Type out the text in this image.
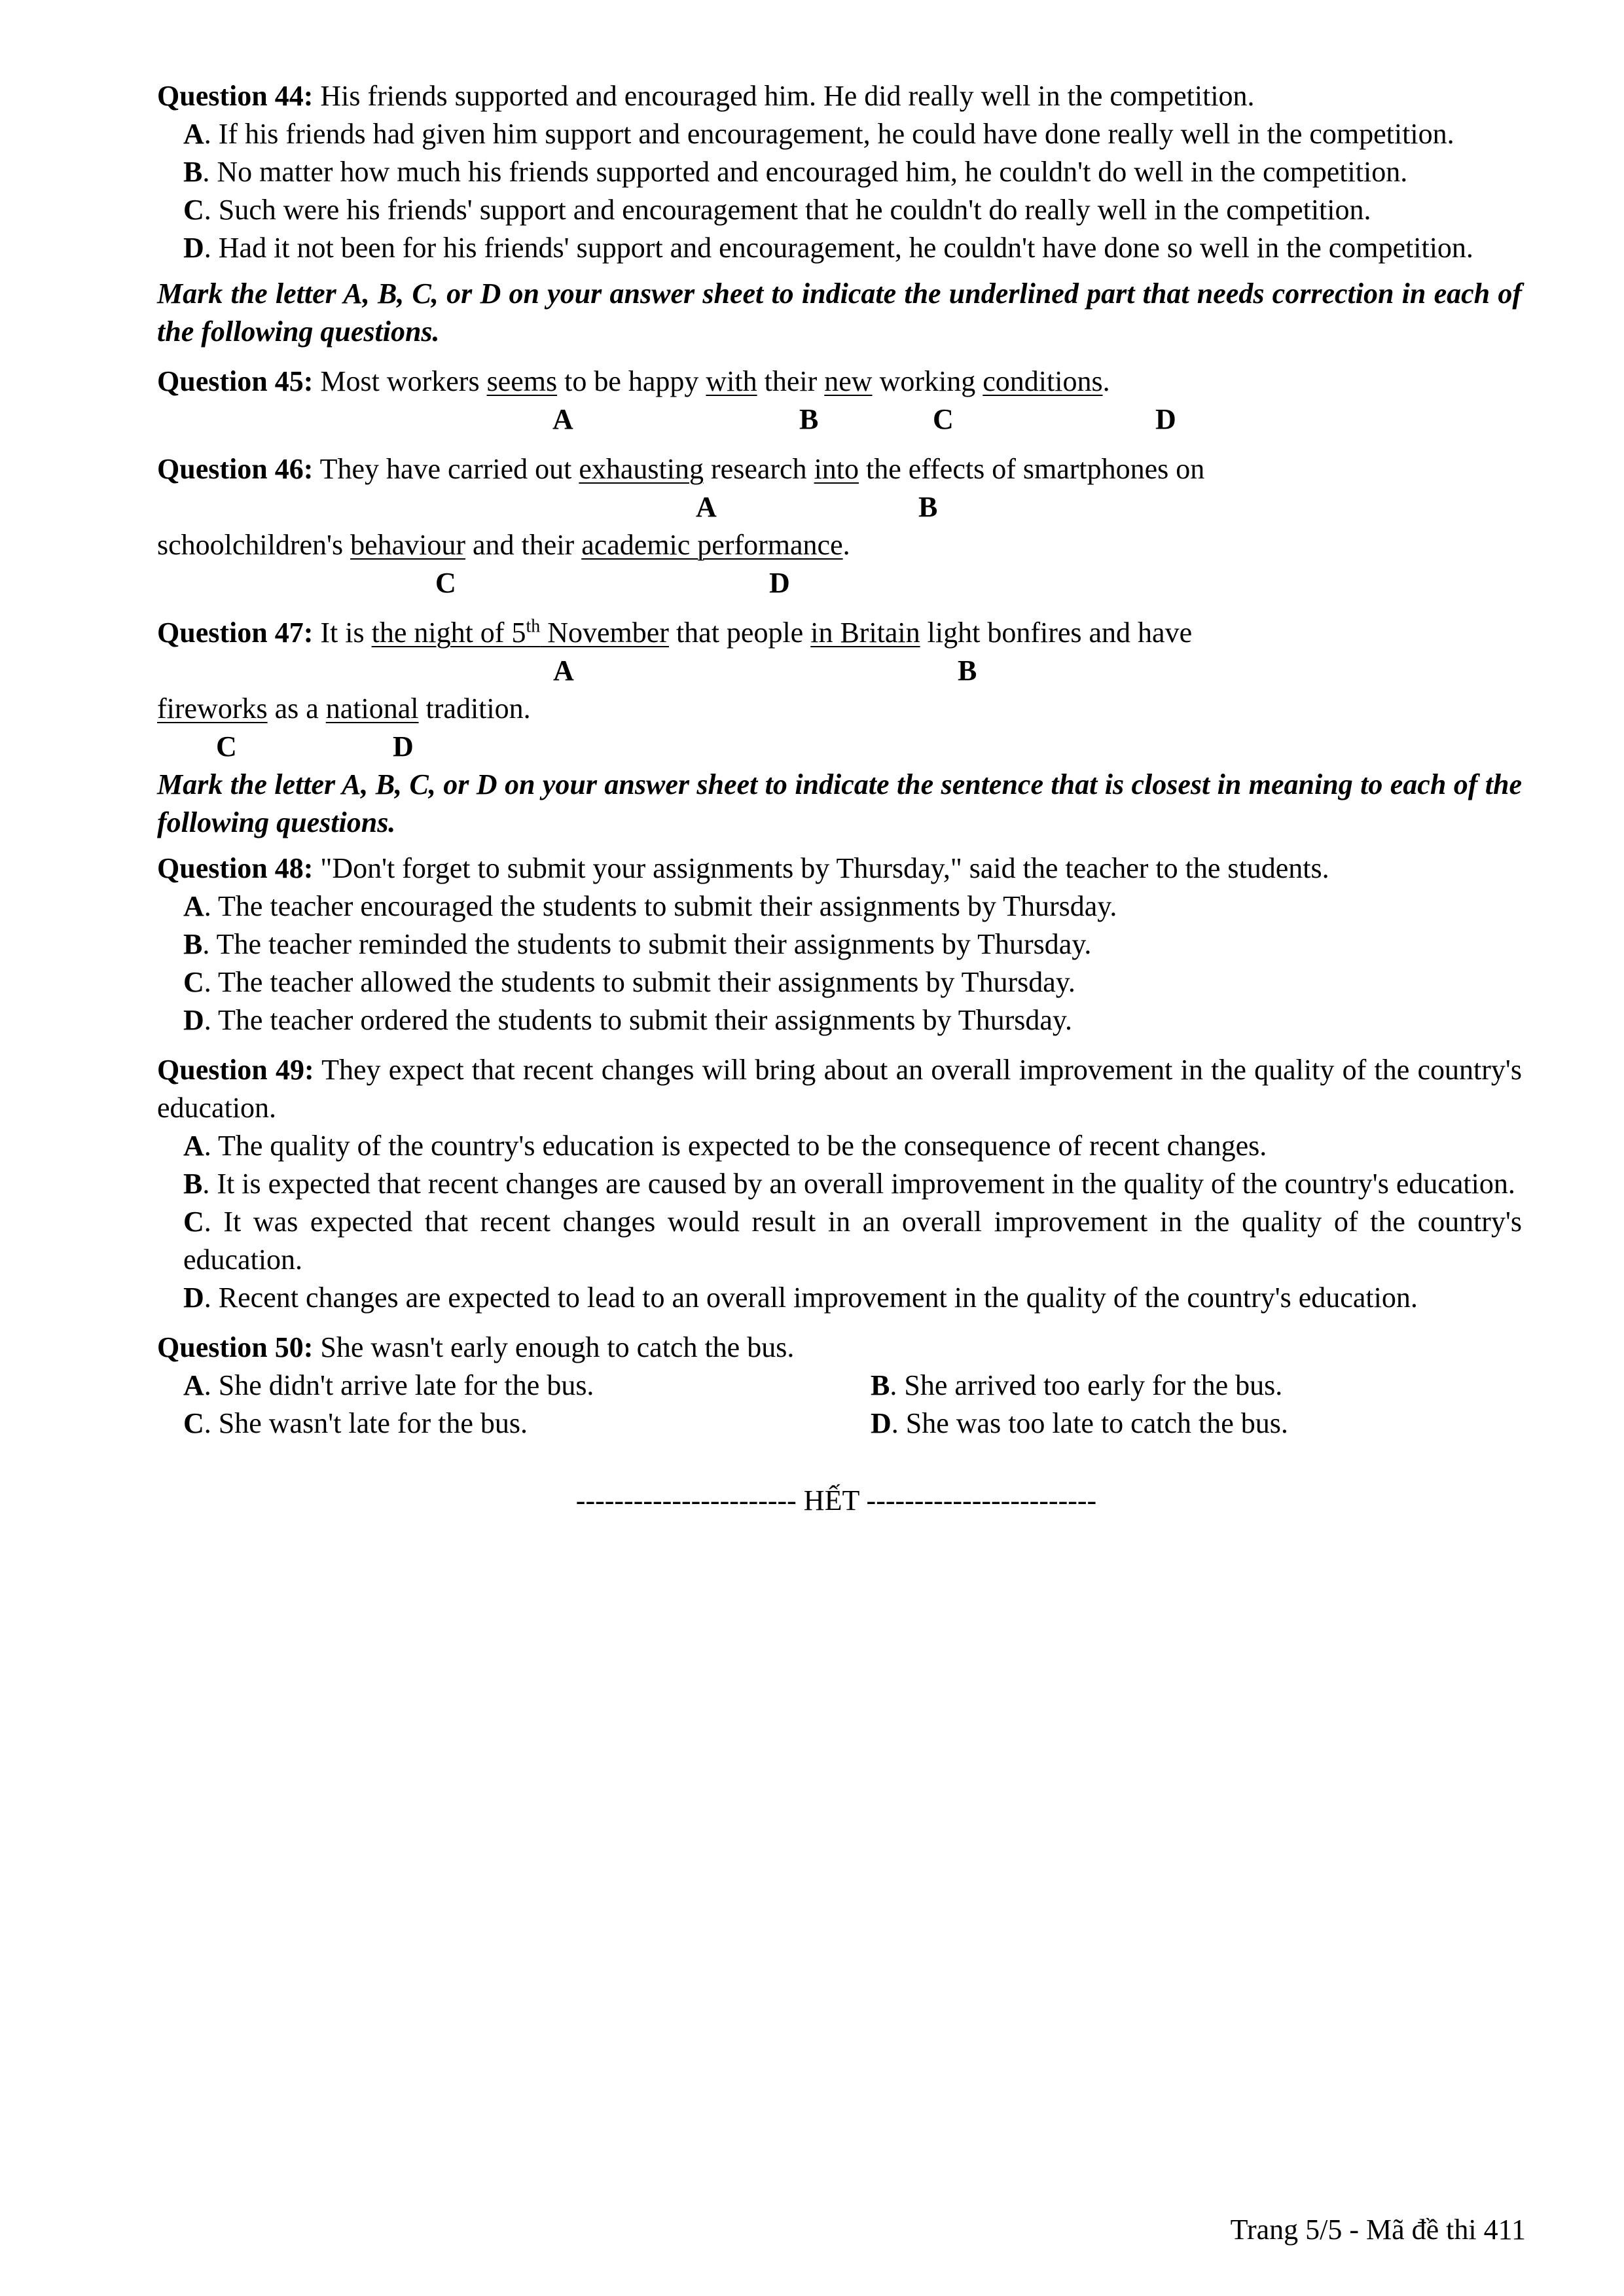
Question 44: His friends supported and encouraged him. He did really well in the competition.

A. If his friends had given him support and encouragement, he could have done really well in the competition.
B. No matter how much his friends supported and encouraged him, he couldn't do well in the competition.
C. Such were his friends' support and encouragement that he couldn't do really well in the competition.
D. Had it not been for his friends' support and encouragement, he couldn't have done so well in the competition.

Mark the letter A, B, C, or D on your answer sheet to indicate the underlined part that needs correction in each of the following questions.

Question 45: Most workers seems to be happy with their new working conditions.

A	B	C	D

Question 46: They have carried out exhausting research into the effects of smartphones on

A	B

schoolchildren's behaviour and their academic performance.

C	D

Question 47: It is the night of 5th November that people in Britain light bonfires and have

A	B

fireworks as a national tradition.

C	D

Mark the letter A, B, C, or D on your answer sheet to indicate the sentence that is closest in meaning to each of the following questions.

Question 48: "Don't forget to submit your assignments by Thursday," said the teacher to the students.

A. The teacher encouraged the students to submit their assignments by Thursday.
B. The teacher reminded the students to submit their assignments by Thursday.
C. The teacher allowed the students to submit their assignments by Thursday.
D. The teacher ordered the students to submit their assignments by Thursday.

Question 49: They expect that recent changes will bring about an overall improvement in the quality of the country's education.

A. The quality of the country's education is expected to be the consequence of recent changes.
B. It is expected that recent changes are caused by an overall improvement in the quality of the country's education.
C. It was expected that recent changes would result in an overall improvement in the quality of the country's education.
D. Recent changes are expected to lead to an overall improvement in the quality of the country's education.

Question 50: She wasn't early enough to catch the bus.

A. She didn't arrive late for the bus.	B. She arrived too early for the bus.
C. She wasn't late for the bus.	D. She was too late to catch the bus.
----------------------- HẾT ------------------------
Trang 5/5 - Mã đề thi 411
